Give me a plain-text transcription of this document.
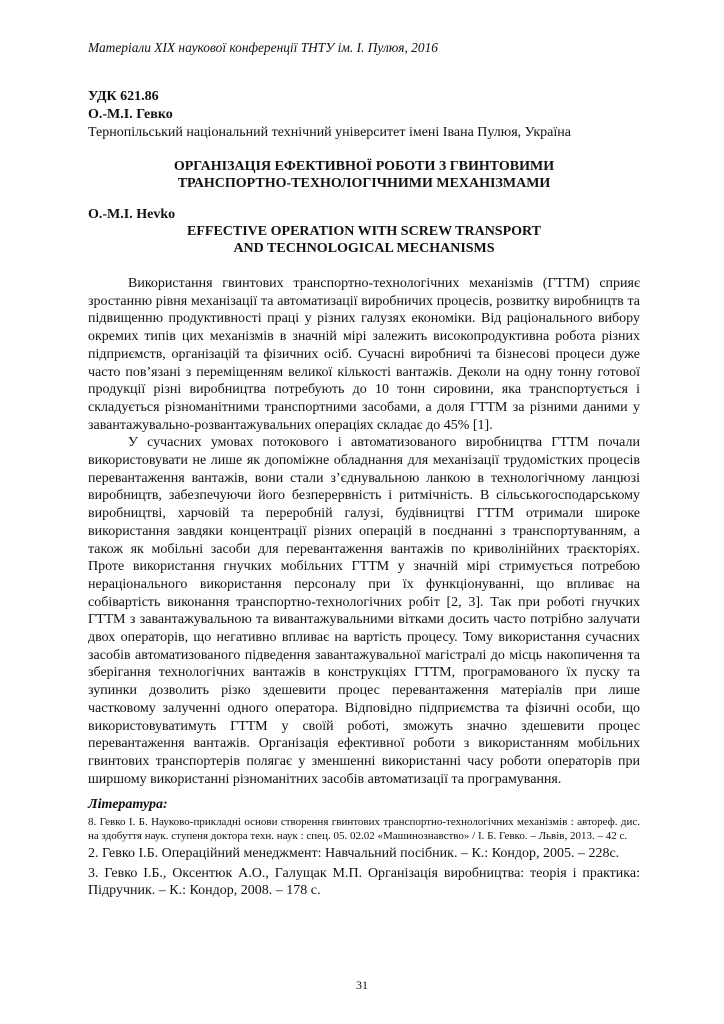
Матеріали XIX наукової конференції ТНТУ ім. І. Пулюя, 2016

УДК 621.86

О.-М.І. Гевко

Тернопільський національний технічний університет імені Івана Пулюя, Україна

ОРГАНІЗАЦІЯ ЕФЕКТИВНОЇ РОБОТИ З ГВИНТОВИМИ

ТРАНСПОРТНО-ТЕХНОЛОГІЧНИМИ МЕХАНІЗМАМИ

O.-M.I. Hevko

EFFECTIVE OPERATION WITH SCREW TRANSPORT

AND TECHNOLOGICAL MECHANISMS

Використання гвинтових транспортно-технологічних механізмів (ГТТМ) сприяє зростанню рівня механізації та автоматизації виробничих процесів, розвитку виробництв та підвищенню продуктивності праці у різних галузях економіки. Від раціонального вибору окремих типів цих механізмів в значній мірі залежить високопродуктивна робота різних підприємств, організацій та фізичних осіб. Сучасні виробничі та бізнесові процеси дуже часто пов’язані з переміщенням великої кількості вантажів. Деколи на одну тонну готової продукції різні виробництва потребують до 10 тонн сировини, яка транспортується і складується різноманітними транспортними засобами, а доля ГТТМ за різними даними у завантажувально-розвантажувальних операціях складає до 45% [1].

У сучасних умовах потокового і автоматизованого виробництва ГТТМ почали використовувати не лише як допоміжне обладнання для механізації трудомістких процесів перевантаження вантажів, вони стали з’єднувальною ланкою в технологічному ланцюзі виробництв, забезпечуючи його безперервність і ритмічність. В сільськогосподарському виробництві, харчовій та переробній галузі, будівництві ГТТМ отримали широке використання завдяки концентрації різних операцій в поєднанні з транспортуванням, а також як мобільні засоби для перевантаження вантажів по криволінійних траєкторіях. Проте використання гнучких мобільних ГТТМ у значній мірі стримується потребою нераціонального використання персоналу при їх функціонуванні, що впливає на собівартість виконання транспортно-технологічних робіт [2, 3]. Так при роботі гнучких ГТТМ з завантажувальною та вивантажувальними вітками досить часто потрібно залучати двох операторів, що негативно впливає на вартість процесу. Тому використання сучасних засобів автоматизованого підведення завантажувальної магістралі до місць накопичення та зберігання технологічних вантажів в конструкціях ГТТМ, програмованого їх пуску та зупинки дозволить різко здешевити процес перевантаження матеріалів при лише частковому залученні одного оператора. Відповідно підприємства та фізичні особи, що використовуватимуть ГТТМ у своїй роботі, зможуть значно здешевити процес перевантаження вантажів. Організація ефективної роботи з використанням мобільних гвинтових транспортерів полягає у зменшенні використанні часу роботи операторів при ширшому використанні різноманітних засобів автоматизації та програмування.

Література:

8. Гевко І. Б. Науково-прикладні основи створення гвинтових транспортно-технологічних механізмів : автореф. дис. на здобуття наук. ступеня доктора техн. наук : спец. 05. 02.02 «Машинознавство» / І. Б. Гевко. – Львів, 2013. – 42 с.

2. Гевко І.Б. Операційний менеджмент: Навчальний посібник. – К.: Кондор, 2005. – 228с.

3. Гевко І.Б., Оксентюк А.О., Галущак М.П. Організація виробництва: теорія і практика: Підручник. – К.: Кондор, 2008. – 178 с.

31
